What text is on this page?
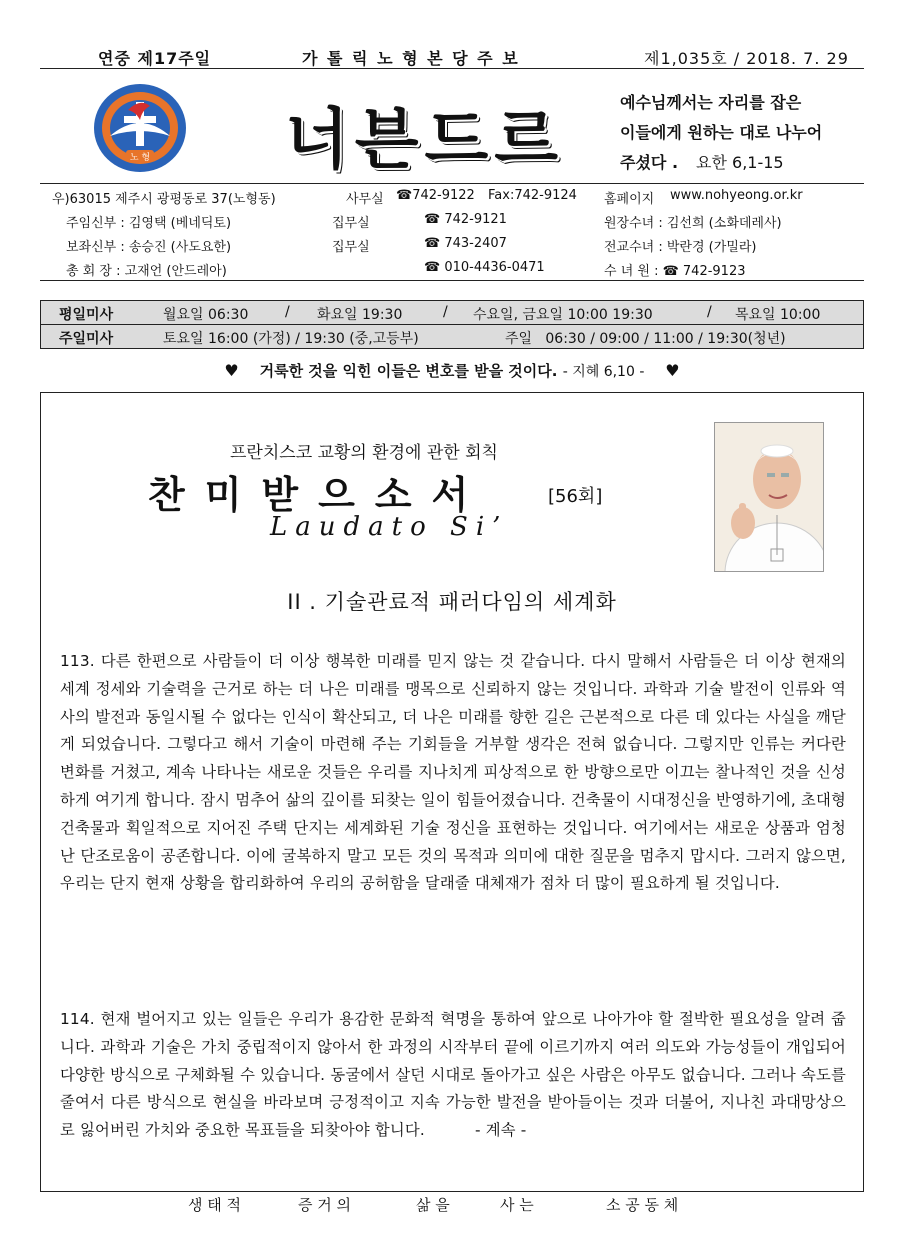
연중 제17주일	가 톨 릭 노 형 본 당 주 보	제1,035호 / 2018. 7. 29
노 형 너븐드르	예수님께서는 자리를 잡은
이들에게 원하는 대로 나누어
주셨다 . 요한 6,1-15
우)63015 제주시 광평동로 37(노형동)	사무실 ☎742-9122 Fax:742-9124 홈페이지 www.nohyeong.or.kr
주임신부 : 김영택 (베네딕토)	집무실	☎ 742-9121	원장수녀 : 김선희 (소화데레사)
보좌신부 : 송승진 (사도요한)	집무실	☎ 743-2407	전교수녀 : 박란경 (가밀라)
총 회 장 : 고재언 (안드레아)	☎ 010-4436-0471	수 녀 원 : ☎ 742-9123
평일미사	월요일 06:30	/ 화요일 19:30	/ 수요일, 금요일 10:00 19:30	/ 목요일 10:00
주일미사	토요일 16:00 (가정) / 19:30 (중,고등부)	주일   06:30 / 09:00 / 11:00 / 19:30(청년)
♥ 거룩한 것을 익힌 이들은 변호를 받을 것이다. - 지혜 6,10 - ♥
프란치스코 교황의 환경에 관한 회칙
찬미받으소서	[56회]
Laudato Si’
II . 기술관료적 패러다임의 세계화
113. 다른 한편으로 사람들이 더 이상 행복한 미래를 믿지 않는 것 같습니다. 다시 말해서 사람들은 더 이상 현재의 세계 정세와 기술력을 근거로 하는 더 나은 미래를 맹목으로 신뢰하지 않는 것입니다. 과학과 기술 발전이 인류와 역사의 발전과 동일시될 수 없다는 인식이 확산되고, 더 나은 미래를 향한 길은 근본적으로 다른 데 있다는 사실을 깨닫게 되었습니다. 그렇다고 해서 기술이 마련해 주는 기회들을 거부할 생각은 전혀 없습니다. 그렇지만 인류는 커다란 변화를 거쳤고, 계속 나타나는 새로운 것들은 우리를 지나치게 피상적으로 한 방향으로만 이끄는 찰나적인 것을 신성하게 여기게 합니다. 잠시 멈추어 삶의 깊이를 되찾는 일이 힘들어졌습니다. 건축물이 시대정신을 반영하기에, 초대형 건축물과 획일적으로 지어진 주택 단지는 세계화된 기술 정신을 표현하는 것입니다. 여기에서는 새로운 상품과 엄청난 단조로움이 공존합니다. 이에 굴복하지 말고 모든 것의 목적과 의미에 대한 질문을 멈추지 맙시다. 그러지 않으면, 우리는 단지 현재 상황을 합리화하여 우리의 공허함을 달래줄 대체재가 점차 더 많이 필요하게 될 것입니다.
114. 현재 벌어지고 있는 일들은 우리가 용감한 문화적 혁명을 통하여 앞으로 나아가야 할 절박한 필요성을 알려 줍니다. 과학과 기술은 가치 중립적이지 않아서 한 과정의 시작부터 끝에 이르기까지 여러 의도와 가능성들이 개입되어 다양한 방식으로 구체화될 수 있습니다. 동굴에서 살던 시대로 돌아가고 싶은 사람은 아무도 없습니다. 그러나 속도를 줄여서 다른 방식으로 현실을 바라보며 긍정적이고 지속 가능한 발전을 받아들이는 것과 더불어, 지나친 과대망상으로 잃어버린 가치와 중요한 목표들을 되찾아야 합니다.	- 계속 -
생 태 적	증 거 의	삶 을	사 는	소 공 동 체
